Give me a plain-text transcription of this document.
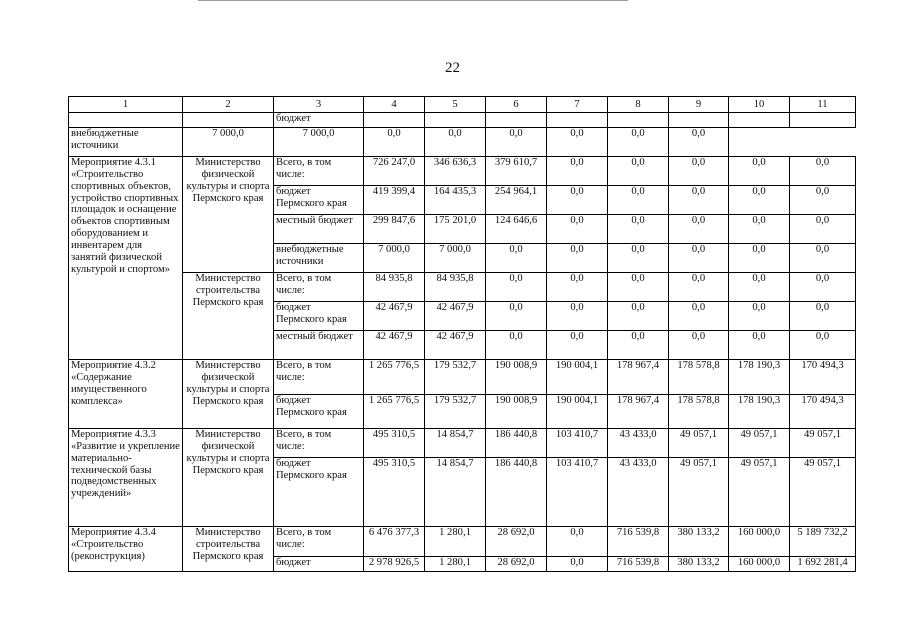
22
1	2	3	4	5	6	7	8	9	10	11
		бюджет								
внебюджетные источники	7 000,0	7 000,0	0,0	0,0	0,0	0,0	0,0	0,0		
Мероприятие 4.3.1 «Строительство спортивных объектов, устройство спортивных площадок и оснащение объектов спортивным оборудованием и инвентарем для занятий физической культурой и спортом»	Министерство физической культуры и спорта Пермского края	Всего, в том числе:	726 247,0	346 636,3	379 610,7	0,0	0,0	0,0	0,0	0,0
		бюджет Пермского края	419 399,4	164 435,3	254 964,1	0,0	0,0	0,0	0,0	0,0
		местный бюджет	299 847,6	175 201,0	124 646,6	0,0	0,0	0,0	0,0	0,0
		внебюджетные источники	7 000,0	7 000,0	0,0	0,0	0,0	0,0	0,0	0,0
	Министерство строительства Пермского края	Всего, в том числе:	84 935,8	84 935,8	0,0	0,0	0,0	0,0	0,0	0,0
		бюджет Пермского края	42 467,9	42 467,9	0,0	0,0	0,0	0,0	0,0	0,0
		местный бюджет	42 467,9	42 467,9	0,0	0,0	0,0	0,0	0,0	0,0
Мероприятие 4.3.2 «Содержание имущественного комплекса»	Министерство физической культуры и спорта Пермского края	Всего, в том числе:	1 265 776,5	179 532,7	190 008,9	190 004,1	178 967,4	178 578,8	178 190,3	170 494,3
		бюджет Пермского края	1 265 776,5	179 532,7	190 008,9	190 004,1	178 967,4	178 578,8	178 190,3	170 494,3
Мероприятие 4.3.3 «Развитие и укрепление материально-технической базы подведомственных учреждений»	Министерство физической культуры и спорта Пермского края	Всего, в том числе:	495 310,5	14 854,7	186 440,8	103 410,7	43 433,0	49 057,1	49 057,1	49 057,1
		бюджет Пермского края	495 310,5	14 854,7	186 440,8	103 410,7	43 433,0	49 057,1	49 057,1	49 057,1
Мероприятие 4.3.4 «Строительство (реконструкция)	Министерство строительства Пермского края	Всего, в том числе:	6 476 377,3	1 280,1	28 692,0	0,0	716 539,8	380 133,2	160 000,0	5 189 732,2
		бюджет	2 978 926,5	1 280,1	28 692,0	0,0	716 539,8	380 133,2	160 000,0	1 692 281,4
